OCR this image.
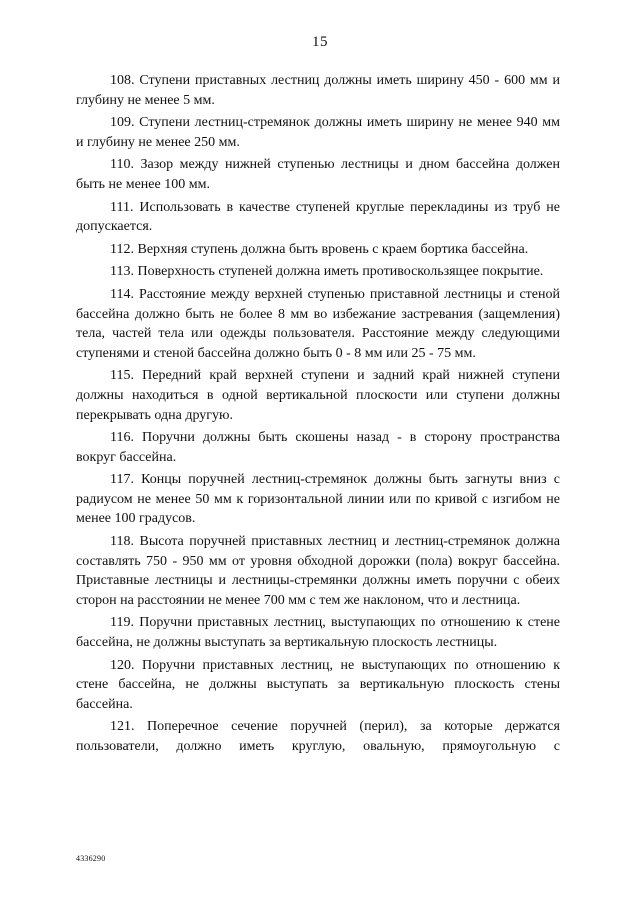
15

108. Ступени приставных лестниц должны иметь ширину 450 - 600 мм и глубину не менее 5 мм.

109. Ступени лестниц-стремянок должны иметь ширину не менее 940 мм и глубину не менее 250 мм.

110. Зазор между нижней ступенью лестницы и дном бассейна должен быть не менее 100 мм.

111. Использовать в качестве ступеней круглые перекладины из труб не допускается.

112. Верхняя ступень должна быть вровень с краем бортика бассейна.

113. Поверхность ступеней должна иметь противоскользящее покрытие.

114. Расстояние между верхней ступенью приставной лестницы и стеной бассейна должно быть не более 8 мм во избежание застревания (защемления) тела, частей тела или одежды пользователя. Расстояние между следующими ступенями и стеной бассейна должно быть 0 - 8 мм или 25 - 75 мм.

115. Передний край верхней ступени и задний край нижней ступени должны находиться в одной вертикальной плоскости или ступени должны перекрывать одна другую.

116. Поручни должны быть скошены назад - в сторону пространства вокруг бассейна.

117. Концы поручней лестниц-стремянок должны быть загнуты вниз с радиусом не менее 50 мм к горизонтальной линии или по кривой с изгибом не менее 100 градусов.

118. Высота поручней приставных лестниц и лестниц-стремянок должна составлять 750 - 950 мм от уровня обходной дорожки (пола) вокруг бассейна. Приставные лестницы и лестницы-стремянки должны иметь поручни с обеих сторон на расстоянии не менее 700 мм с тем же наклоном, что и лестница.

119. Поручни приставных лестниц, выступающих по отношению к стене бассейна, не должны выступать за вертикальную плоскость лестницы.

120. Поручни приставных лестниц, не выступающих по отношению к стене бассейна, не должны выступать за вертикальную плоскость стены бассейна.

121. Поперечное сечение поручней (перил), за которые держатся пользователи, должно иметь круглую, овальную, прямоугольную с

4336290
